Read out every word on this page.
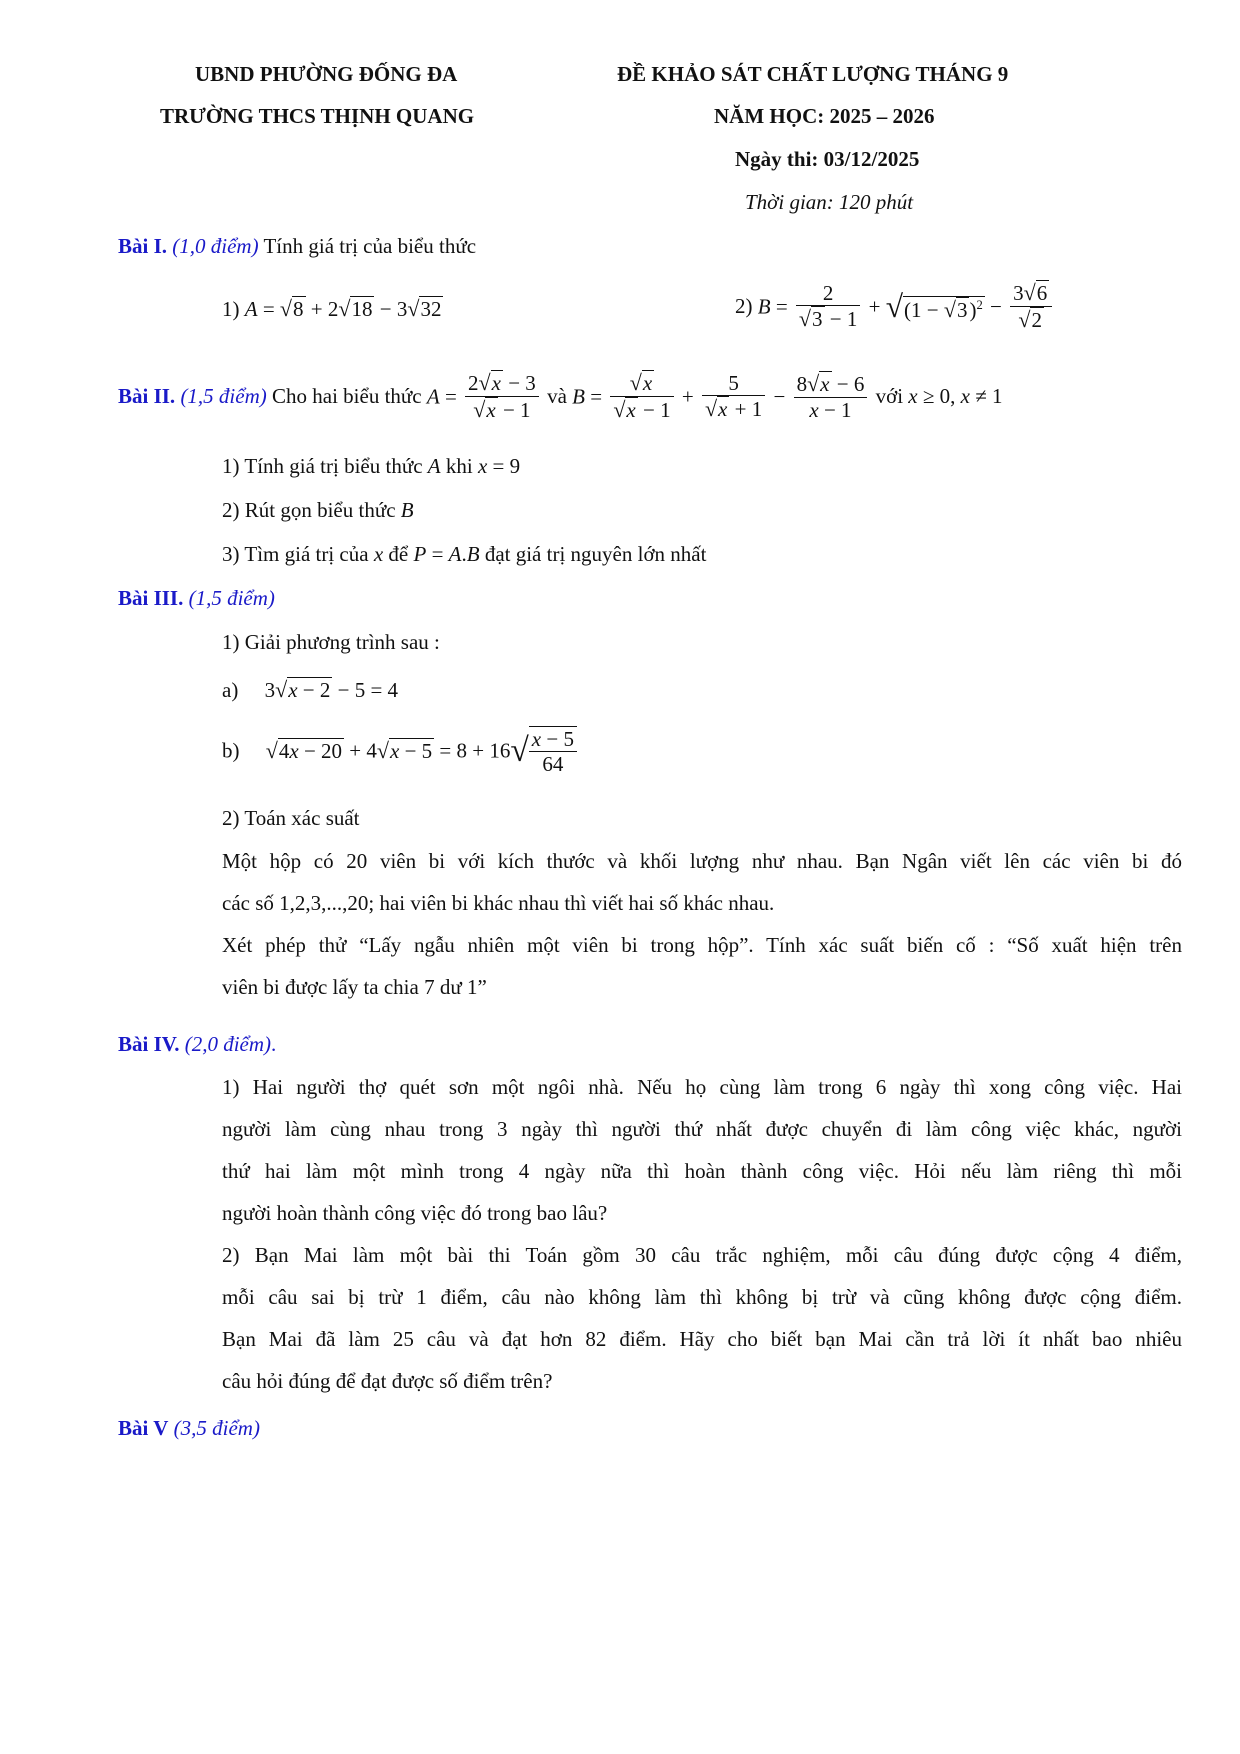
UBND PHƯỜNG ĐỐNG ĐA
TRƯỜNG THCS THỊNH QUANG
ĐỀ KHẢO SÁT CHẤT LƯỢNG THÁNG 9
NĂM HỌC: 2025 – 2026
Ngày thi: 03/12/2025
Thời gian: 120 phút
Bài I. (1,0 điểm) Tính giá trị của biểu thức
1) A = √8 + 2√18 − 3√32	2) $B = \frac{2}{√3 - 1} + √(1 - √3)^2 - \frac{3√6}{√2}$
Bài II. (1,5 điểm) Cho hai biểu thức $A = \frac{2√x - 3}{√x - 1}$ và $B = \frac{√x}{√x - 1} + \frac{5}{√x + 1} - \frac{8√x - 6}{x - 1}$ với x ≥ 0, x ≠ 1
1) Tính giá trị biểu thức A khi x = 9
2) Rút gọn biểu thức B
3) Tìm giá trị của x để P = A.B đạt giá trị nguyên lớn nhất
Bài III. (1,5 điểm)
1) Giải phương trình sau :
a) 3√x − 2 − 5 = 4
b) $√4x - 20 + 4√x - 5 = 8 + 16√ \frac{x - 5}{64}$
2) Toán xác suất
Một hộp có 20 viên bi với kích thước và khối lượng như nhau. Bạn Ngân viết lên các viên bi đó
các số 1,2,3,...,20; hai viên bi khác nhau thì viết hai số khác nhau.
Xét phép thử “Lấy ngẫu nhiên một viên bi trong hộp”. Tính xác suất biến cố : “Số xuất hiện trên
viên bi được lấy ta chia 7 dư 1”
Bài IV. (2,0 điểm).
1) Hai người thợ quét sơn một ngôi nhà. Nếu họ cùng làm trong 6 ngày thì xong công việc. Hai
người làm cùng nhau trong 3 ngày thì người thứ nhất được chuyển đi làm công việc khác, người
thứ hai làm một mình trong 4 ngày nữa thì hoàn thành công việc. Hỏi nếu làm riêng thì mỗi
người hoàn thành công việc đó trong bao lâu?
2) Bạn Mai làm một bài thi Toán gồm 30 câu trắc nghiệm, mỗi câu đúng được cộng 4 điểm,
mỗi câu sai bị trừ 1 điểm, câu nào không làm thì không bị trừ và cũng không được cộng điểm.
Bạn Mai đã làm 25 câu và đạt hơn 82 điểm. Hãy cho biết bạn Mai cần trả lời ít nhất bao nhiêu
câu hỏi đúng để đạt được số điểm trên?
Bài V (3,5 điểm)
